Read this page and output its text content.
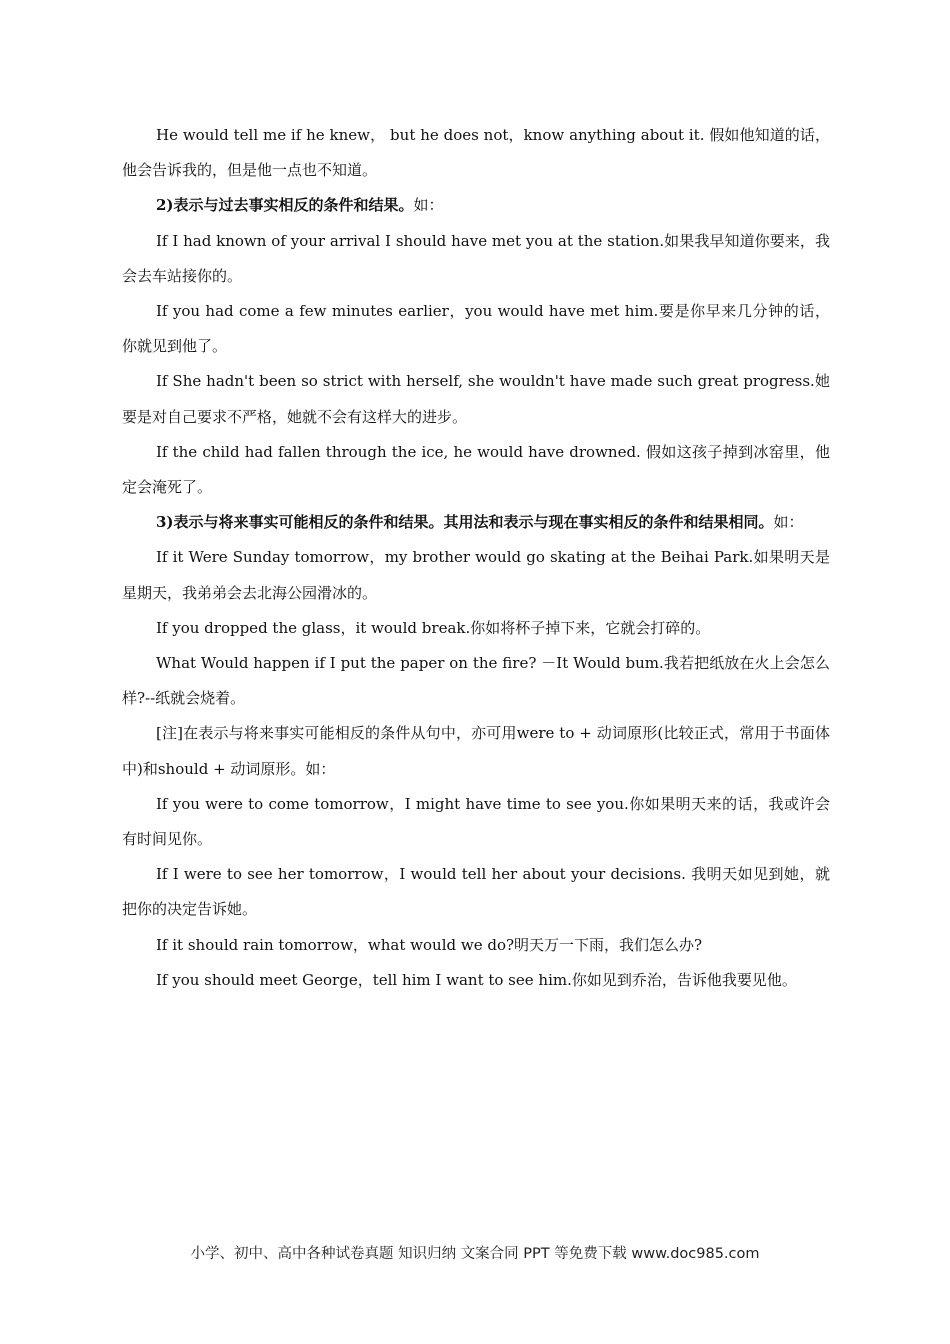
He would tell me if he knew， but he does not，know anything about it. 假如他知道的话，他会告诉我的，但是他一点也不知道。

2)表示与过去事实相反的条件和结果。如：

If I had known of your arrival I should have met you at the station.如果我早知道你要来，我会去车站接你的。

If you had come a few minutes earlier，you would have met him.要是你早来几分钟的话，你就见到他了。

If She hadn't been so strict with herself, she wouldn't have made such great progress.她要是对自己要求不严格，她就不会有这样大的进步。

If the child had fallen through the ice, he would have drowned. 假如这孩子掉到冰窑里，他定会淹死了。

3)表示与将来事实可能相反的条件和结果。其用法和表示与现在事实相反的条件和结果相同。如：

If it Were Sunday tomorrow，my brother would go skating at the Beihai Park.如果明天是星期天，我弟弟会去北海公园滑冰的。

If you dropped the glass，it would break.你如将杯子掉下来，它就会打碎的。

What Would happen if I put the paper on the fire? －It Would bum.我若把纸放在火上会怎么样?--纸就会烧着。

[注]在表示与将来事实可能相反的条件从句中，亦可用were to + 动词原形(比较正式，常用于书面体中)和should + 动词原形。如：

If you were to come tomorrow，I might have time to see you.你如果明天来的话，我或许会有时间见你。

If I were to see her tomorrow，I would tell her about your decisions. 我明天如见到她，就把你的决定告诉她。

If it should rain tomorrow，what would we do?明天万一下雨，我们怎么办?

If you should meet George，tell him I want to see him.你如见到乔治，告诉他我要见他。

小学、初中、高中各种试卷真题 知识归纳 文案合同 PPT 等免费下载 www.doc985.com
